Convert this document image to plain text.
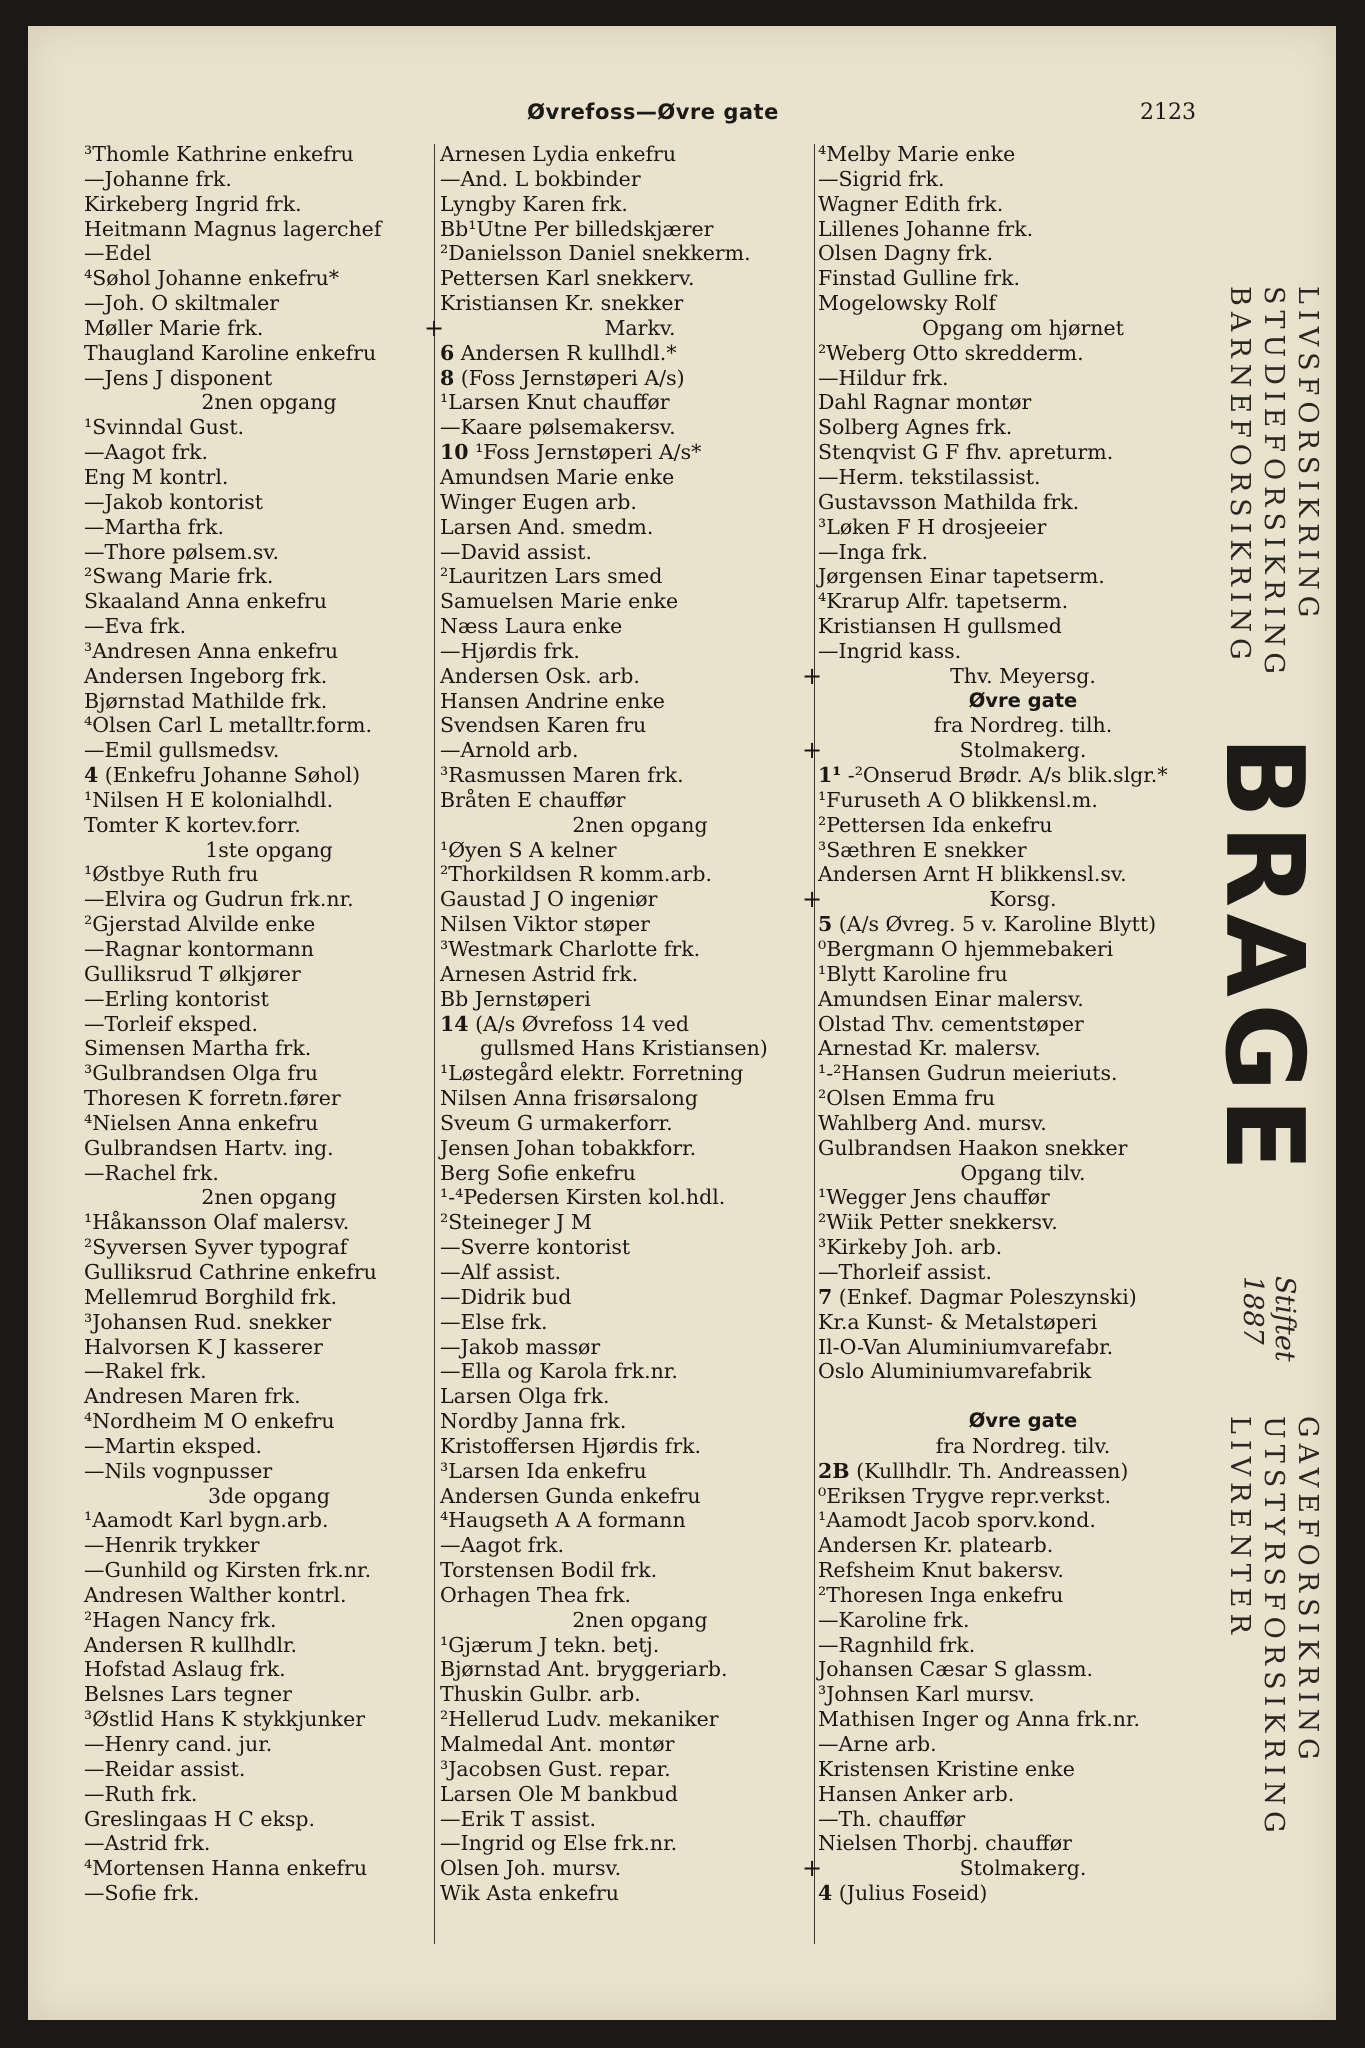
Øvrefoss—Øvre gate	2123
³Thomle Kathrine enkefru
—Johanne frk.
Kirkeberg Ingrid frk.
Heitmann Magnus lagerchef
—Edel
⁴Søhol Johanne enkefru*
—Joh. O skiltmaler
Møller Marie frk.
Thaugland Karoline enkefru
—Jens J disponent
2nen opgang
¹Svinndal Gust.
—Aagot frk.
Eng M kontrl.
—Jakob kontorist
—Martha frk.
—Thore pølsem.sv.
²Swang Marie frk.
Skaaland Anna enkefru
—Eva frk.
³Andresen Anna enkefru
Andersen Ingeborg frk.
Bjørnstad Mathilde frk.
⁴Olsen Carl L metalltr.form.
—Emil gullsmedsv.
4 (Enkefru Johanne Søhol)
¹Nilsen H E kolonialhdl.
Tomter K kortev.forr.
1ste opgang
¹Østbye Ruth fru
—Elvira og Gudrun frk.nr.
²Gjerstad Alvilde enke
—Ragnar kontormann
Gulliksrud T ølkjører
—Erling kontorist
—Torleif eksped.
Simensen Martha frk.
³Gulbrandsen Olga fru
Thoresen K forretn.fører
⁴Nielsen Anna enkefru
Gulbrandsen Hartv. ing.
—Rachel frk.
2nen opgang
¹Håkansson Olaf malersv.
²Syversen Syver typograf
Gulliksrud Cathrine enkefru
Mellemrud Borghild frk.
³Johansen Rud. snekker
Halvorsen K J kasserer
—Rakel frk.
Andresen Maren frk.
⁴Nordheim M O enkefru
—Martin eksped.
—Nils vognpusser
3de opgang
¹Aamodt Karl bygn.arb.
—Henrik trykker
—Gunhild og Kirsten frk.nr.
Andresen Walther kontrl.
²Hagen Nancy frk.
Andersen R kullhdlr.
Hofstad Aslaug frk.
Belsnes Lars tegner
³Østlid Hans K stykkjunker
—Henry cand. jur.
—Reidar assist.
—Ruth frk.
Greslingaas H C eksp.
—Astrid frk.
⁴Mortensen Hanna enkefru
—Sofie frk.
Arnesen Lydia enkefru
—And. L bokbinder
Lyngby Karen frk.
Bb¹Utne Per billedskjærer
²Danielsson Daniel snekkerm.
Pettersen Karl snekkerv.
Kristiansen Kr. snekker
+	Markv.
6 Andersen R kullhdl.*
8 (Foss Jernstøperi A/s)
¹Larsen Knut chauffør
—Kaare pølsemakersv.
10 ¹Foss Jernstøperi A/s*
Amundsen Marie enke
Winger Eugen arb.
Larsen And. smedm.
—David assist.
²Lauritzen Lars smed
Samuelsen Marie enke
Næss Laura enke
—Hjørdis frk.
Andersen Osk. arb.
Hansen Andrine enke
Svendsen Karen fru
—Arnold arb.
³Rasmussen Maren frk.
Bråten E chauffør
2nen opgang
¹Øyen S A kelner
²Thorkildsen R komm.arb.
Gaustad J O ingeniør
Nilsen Viktor støper
³Westmark Charlotte frk.
Arnesen Astrid frk.
Bb Jernstøperi
14 (A/s Øvrefoss 14 ved
gullsmed Hans Kristiansen)
¹Løstegård elektr. Forretning
Nilsen Anna frisørsalong
Sveum G urmakerforr.
Jensen Johan tobakkforr.
Berg Sofie enkefru
¹-⁴Pedersen Kirsten kol.hdl.
²Steineger J M
—Sverre kontorist
—Alf assist.
—Didrik bud
—Else frk.
—Jakob massør
—Ella og Karola frk.nr.
Larsen Olga frk.
Nordby Janna frk.
Kristoffersen Hjørdis frk.
³Larsen Ida enkefru
Andersen Gunda enkefru
⁴Haugseth A A formann
—Aagot frk.
Torstensen Bodil frk.
Orhagen Thea frk.
2nen opgang
¹Gjærum J tekn. betj.
Bjørnstad Ant. bryggeriarb.
Thuskin Gulbr. arb.
²Hellerud Ludv. mekaniker
Malmedal Ant. montør
³Jacobsen Gust. repar.
Larsen Ole M bankbud
—Erik T assist.
—Ingrid og Else frk.nr.
Olsen Joh. mursv.
Wik Asta enkefru
⁴Melby Marie enke
—Sigrid frk.
Wagner Edith frk.
Lillenes Johanne frk.
Olsen Dagny frk.
Finstad Gulline frk.
Mogelowsky Rolf
Opgang om hjørnet
²Weberg Otto skredderm.
—Hildur frk.
Dahl Ragnar montør
Solberg Agnes frk.
Stenqvist G F fhv. apreturm.
—Herm. tekstilassist.
Gustavsson Mathilda frk.
³Løken F H drosjeeier
—Inga frk.
Jørgensen Einar tapetserm.
⁴Krarup Alfr. tapetserm.
Kristiansen H gullsmed
—Ingrid kass.
+	Thv. Meyersg.
Øvre gate
fra Nordreg. tilh.
+	Stolmakerg.
1¹ -²Onserud Brødr. A/s blik.slgr.*
¹Furuseth A O blikkensl.m.
²Pettersen Ida enkefru
³Sæthren E snekker
Andersen Arnt H blikkensl.sv.
+	Korsg.
5 (A/s Øvreg. 5 v. Karoline Blytt)
⁰Bergmann O hjemmebakeri
¹Blytt Karoline fru
Amundsen Einar malersv.
Olstad Thv. cementstøper
Arnestad Kr. malersv.
¹-²Hansen Gudrun meieriuts.
²Olsen Emma fru
Wahlberg And. mursv.
Gulbrandsen Haakon snekker
Opgang tilv.
¹Wegger Jens chauffør
²Wiik Petter snekkersv.
³Kirkeby Joh. arb.
—Thorleif assist.
7 (Enkef. Dagmar Poleszynski)
Kr.a Kunst- & Metalstøperi
Il-O-Van Aluminiumvarefabr.
Oslo Aluminiumvarefabrik
Øvre gate
fra Nordreg. tilv.
2B (Kullhdlr. Th. Andreassen)
⁰Eriksen Trygve repr.verkst.
¹Aamodt Jacob sporv.kond.
Andersen Kr. platearb.
Refsheim Knut bakersv.
²Thoresen Inga enkefru
—Karoline frk.
—Ragnhild frk.
Johansen Cæsar S glassm.
³Johnsen Karl mursv.
Mathisen Inger og Anna frk.nr.
—Arne arb.
Kristensen Kristine enke
Hansen Anker arb.
—Th. chauffør
Nielsen Thorbj. chauffør
+	Stolmakerg.
4 (Julius Foseid)
LIVSFORSIKRING
STUDIEFORSIKRING
BARNEFORSIKRING
BRAGE
Stiftet
1887
GAVEFORSIKRING
UTSTYRSFORSIKRING
LIVRENTER
